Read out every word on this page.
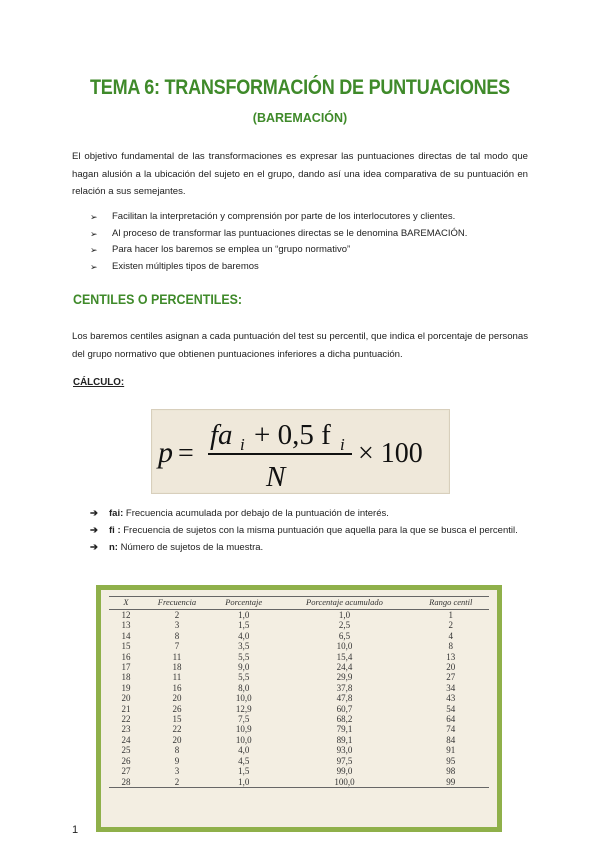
TEMA 6: TRANSFORMACIÓN DE PUNTUACIONES
(BAREMACIÓN)
El objetivo fundamental de las transformaciones es expresar las puntuaciones directas de tal modo que hagan alusión a la ubicación del sujeto en el grupo, dando así una idea comparativa de su puntuación en relación a sus semejantes.
➢	Facilitan la interpretación y comprensión por parte de los interlocutores y clientes.
➢	Al proceso de transformar las puntuaciones directas se le denomina BAREMACIÓN.
➢	Para hacer los baremos se emplea un “grupo normativo”
➢	Existen múltiples tipos de baremos
CENTILES O PERCENTILES:
Los baremos centiles asignan a cada puntuación del test su percentil, que indica el porcentaje de personas del grupo normativo que obtienen puntuaciones inferiores a dicha puntuación.
CÁLCULO:
p =
fa i + 0,5 f i
N
× 100
➔	fai: Frecuencia acumulada por debajo de la puntuación de interés.
➔	fi : Frecuencia de sujetos con la misma puntuación que aquella para la que se busca el percentil.
➔	n: Número de sujetos de la muestra.
X	Frecuencia	Porcentaje	Porcentaje acumulado	Rango centil
12	2	1,0	1,0	1
13	3	1,5	2,5	2
14	8	4,0	6,5	4
15	7	3,5	10,0	8
16	11	5,5	15,4	13
17	18	9,0	24,4	20
18	11	5,5	29,9	27
19	16	8,0	37,8	34
20	20	10,0	47,8	43
21	26	12,9	60,7	54
22	15	7,5	68,2	64
23	22	10,9	79,1	74
24	20	10,0	89,1	84
25	8	4,0	93,0	91
26	9	4,5	97,5	95
27	3	1,5	99,0	98
28	2	1,0	100,0	99
1
